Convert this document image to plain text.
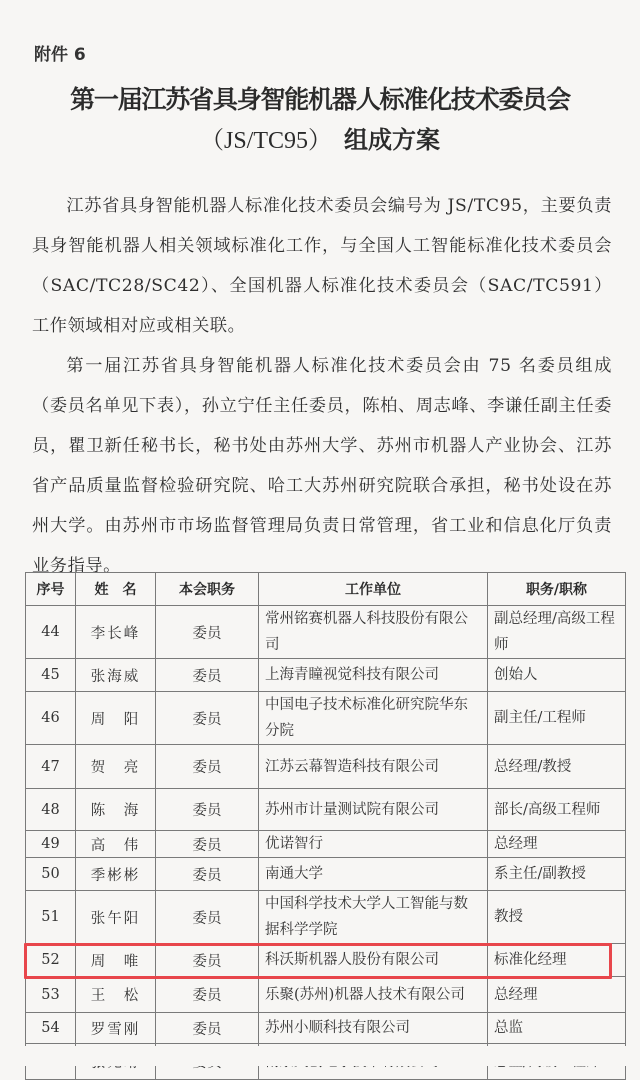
附件 6
第一届江苏省具身智能机器人标准化技术委员会
（JS/TC95） 组成方案

江苏省具身智能机器人标准化技术委员会编号为 JS/TC95，主要负责具身智能机器人相关领域标准化工作，与全国人工智能标准化技术委员会（SAC/TC28/SC42）、全国机器人标准化技术委员会（SAC/TC591）工作领域相对应或相关联。

第一届江苏省具身智能机器人标准化技术委员会由 75 名委员组成（委员名单见下表），孙立宁任主任委员，陈柏、周志峰、李谦任副主任委员，瞿卫新任秘书长，秘书处由苏州大学、苏州市机器人产业协会、江苏省产品质量监督检验研究院、哈工大苏州研究院联合承担，秘书处设在苏州大学。由苏州市市场监督管理局负责日常管理，省工业和信息化厅负责业务指导。

序号	姓　名	本会职务	工作单位	职务/职称
44	李长峰	委员	常州铭赛机器人科技股份有限公司	副总经理/高级工程师
45	张海威	委员	上海青瞳视觉科技有限公司	创始人
46	周　阳	委员	中国电子技术标准化研究院华东分院	副主任/工程师
47	贺　亮	委员	江苏云幕智造科技有限公司	总经理/教授
48	陈　海	委员	苏州市计量测试院有限公司	部长/高级工程师
49	高　伟	委员	优诺智行	总经理
50	季彬彬	委员	南通大学	系主任/副教授
51	张午阳	委员	中国科学技术大学人工智能与数据科学学院	教授
52	周　唯	委员	科沃斯机器人股份有限公司	标准化经理
53	王　松	委员	乐聚(苏州)机器人技术有限公司	总经理
54	罗雪刚	委员	苏州小顺科技有限公司	总监
